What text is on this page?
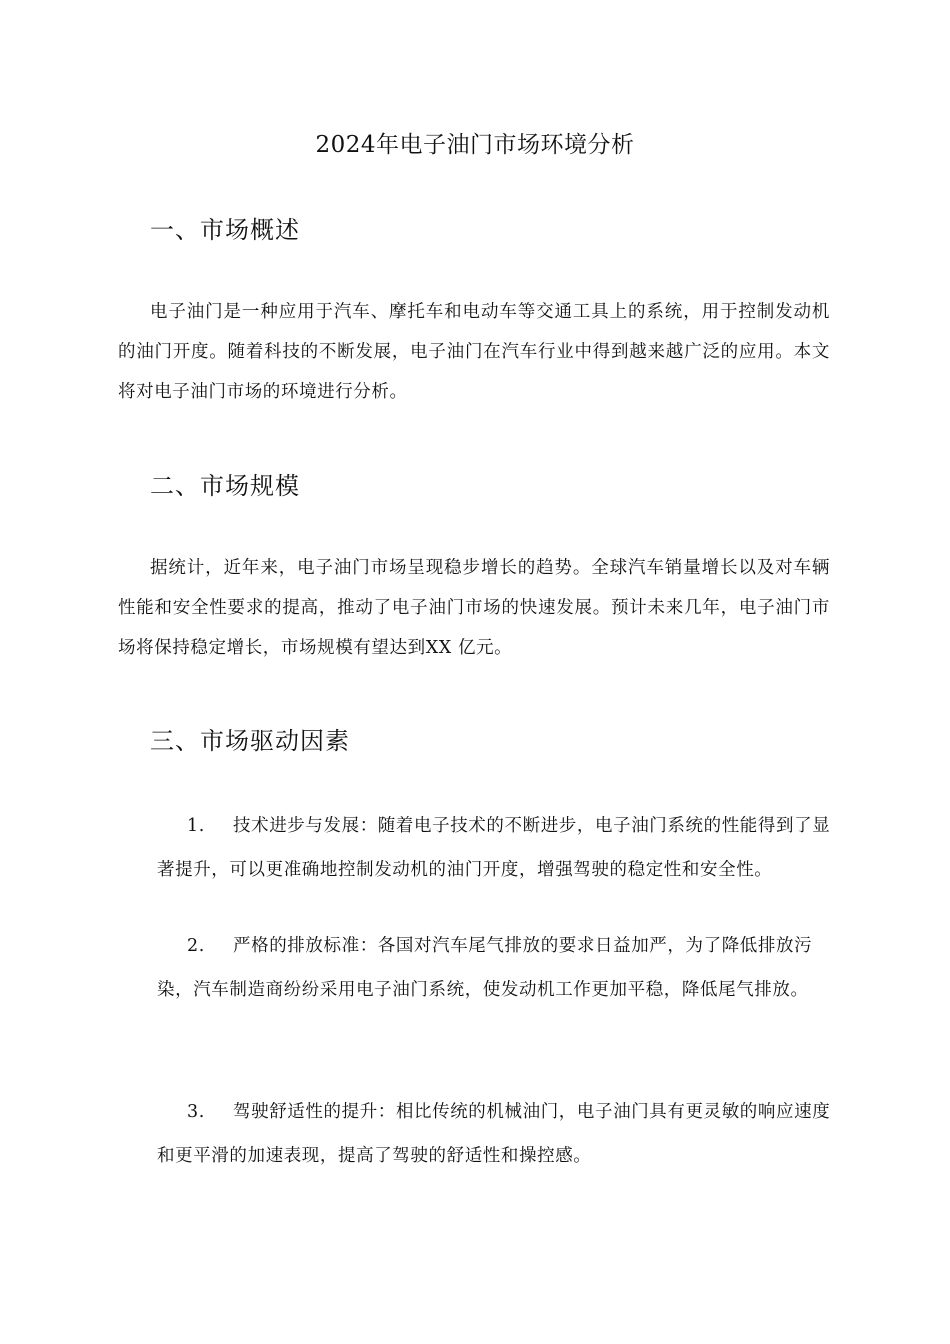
2024年电子油门市场环境分析
一、市场概述
电子油门是一种应用于汽车、摩托车和电动车等交通工具上的系统，用于控制发动机的油门开度。随着科技的不断发展，电子油门在汽车行业中得到越来越广泛的应用。本文将对电子油门市场的环境进行分析。
二、市场规模
据统计，近年来，电子油门市场呈现稳步增长的趋势。全球汽车销量增长以及对车辆性能和安全性要求的提高，推动了电子油门市场的快速发展。预计未来几年，电子油门市场将保持稳定增长，市场规模有望达到XX 亿元。
三、市场驱动因素
1. 技术进步与发展：随着电子技术的不断进步，电子油门系统的性能得到了显著提升，可以更准确地控制发动机的油门开度，增强驾驶的稳定性和安全性。
2. 严格的排放标准：各国对汽车尾气排放的要求日益加严，为了降低排放污染，汽车制造商纷纷采用电子油门系统，使发动机工作更加平稳，降低尾气排放。
3. 驾驶舒适性的提升：相比传统的机械油门，电子油门具有更灵敏的响应速度和更平滑的加速表现，提高了驾驶的舒适性和操控感。
